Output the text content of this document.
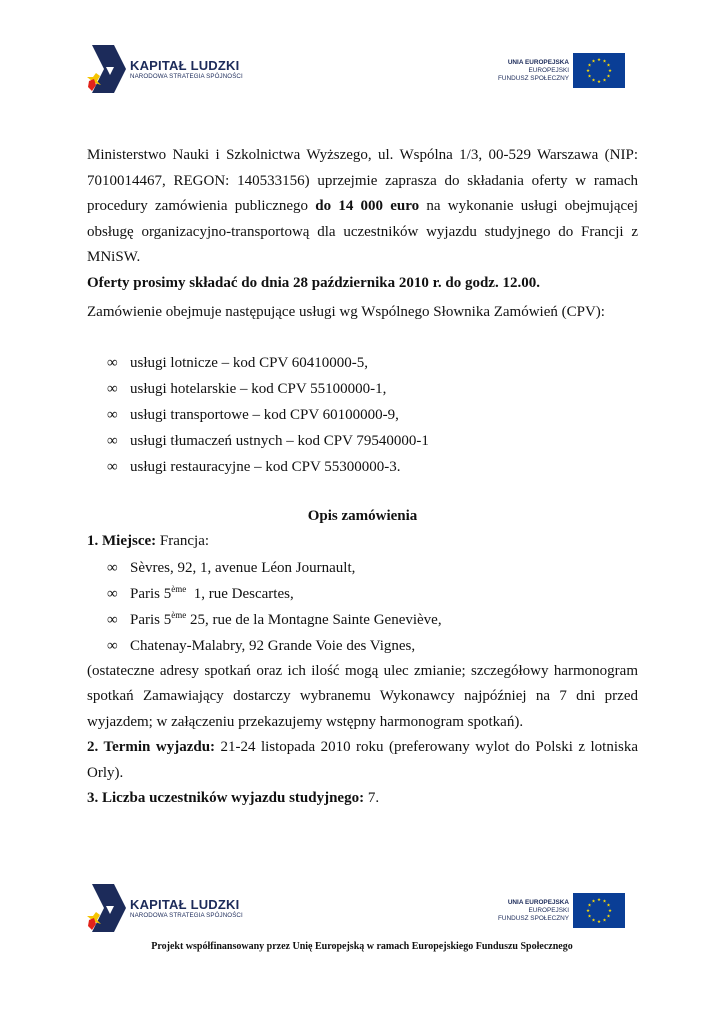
KAPITAŁ LUDZKI
NARODOWA STRATEGIA SPÓJNOŚCI
UNIA EUROPEJSKA
EUROPEJSKI
FUNDUSZ SPOŁECZNY
★ ★
★
★
★
★
★
★
★
★
★
★

Ministerstwo Nauki i Szkolnictwa Wyższego, ul. Wspólna 1/3, 00-529 Warszawa (NIP: 7010014467, REGON: 140533156) uprzejmie zaprasza do składania oferty w ramach procedury zamówienia publicznego do 14 000 euro na wykonanie usługi obejmującej obsługę organizacyjno-transportową dla uczestników wyjazdu studyjnego do Francji z MNiSW.

Oferty prosimy składać do dnia 28 października 2010 r. do godz. 12.00.

Zamówienie obejmuje następujące usługi wg Wspólnego Słownika Zamówień (CPV):

∞ usługi lotnicze – kod CPV 60410000-5,
∞ usługi hotelarskie – kod CPV 55100000-1,
∞ usługi transportowe – kod CPV 60100000-9,
∞ usługi tłumaczeń ustnych – kod CPV 79540000-1
∞ usługi restauracyjne – kod CPV 55300000-3.

Opis zamówienia

1. Miejsce: Francja:

∞ Sèvres, 92, 1, avenue Léon Journault,
∞ Paris 5ème  1, rue Descartes,
∞ Paris 5ème 25, rue de la Montagne Sainte Geneviève,
∞ Chatenay-Malabry, 92 Grande Voie des Vignes,

(ostateczne adresy spotkań oraz ich ilość mogą ulec zmianie; szczegółowy harmonogram spotkań Zamawiający dostarczy wybranemu Wykonawcy najpóźniej na 7 dni przed wyjazdem; w załączeniu przekazujemy wstępny harmonogram spotkań).

2. Termin wyjazdu: 21-24 listopada 2010 roku (preferowany wylot do Polski z lotniska Orly).

3. Liczba uczestników wyjazdu studyjnego: 7.

KAPITAŁ LUDZKI
NARODOWA STRATEGIA SPÓJNOŚCI
UNIA EUROPEJSKA
EUROPEJSKI
FUNDUSZ SPOŁECZNY
★ ★
★
★
★
★
★
★
★
★
★
★
Projekt współfinansowany przez Unię Europejską w ramach Europejskiego Funduszu Społecznego
